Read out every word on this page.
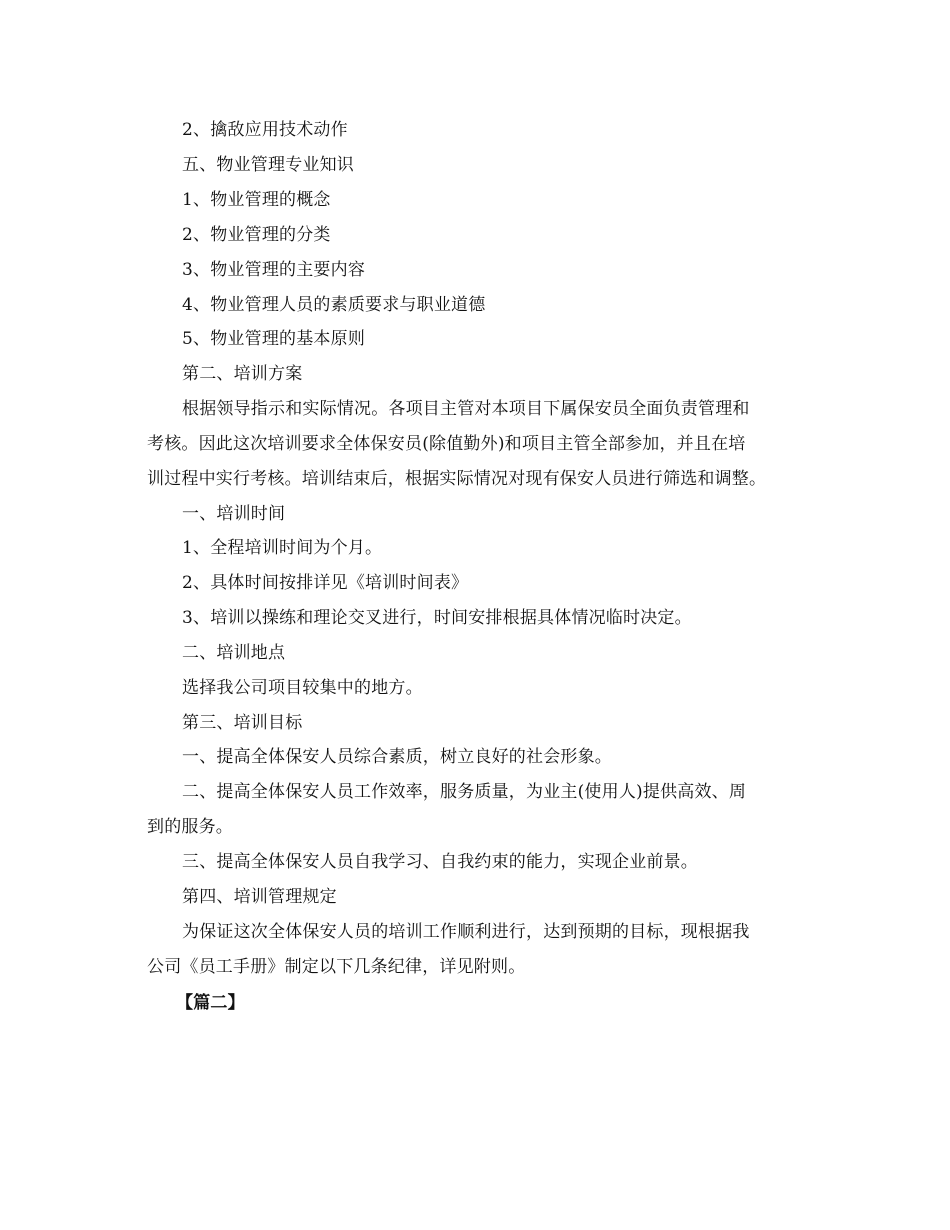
2、擒敌应用技术动作
五、物业管理专业知识
1、物业管理的概念
2、物业管理的分类
3、物业管理的主要内容
4、物业管理人员的素质要求与职业道德
5、物业管理的基本原则
第二、培训方案
根据领导指示和实际情况。各项目主管对本项目下属保安员全面负责管理和
考核。因此这次培训要求全体保安员(除值勤外)和项目主管全部参加，并且在培
训过程中实行考核。培训结束后，根据实际情况对现有保安人员进行筛选和调整。
一、培训时间
1、全程培训时间为个月。
2、具体时间按排详见《培训时间表》
3、培训以操练和理论交叉进行，时间安排根据具体情况临时决定。
二、培训地点
选择我公司项目较集中的地方。
第三、培训目标
一、提高全体保安人员综合素质，树立良好的社会形象。
二、提高全体保安人员工作效率，服务质量，为业主(使用人)提供高效、周
到的服务。
三、提高全体保安人员自我学习、自我约束的能力，实现企业前景。
第四、培训管理规定
为保证这次全体保安人员的培训工作顺利进行，达到预期的目标，现根据我
公司《员工手册》制定以下几条纪律，详见附则。
【篇二】
